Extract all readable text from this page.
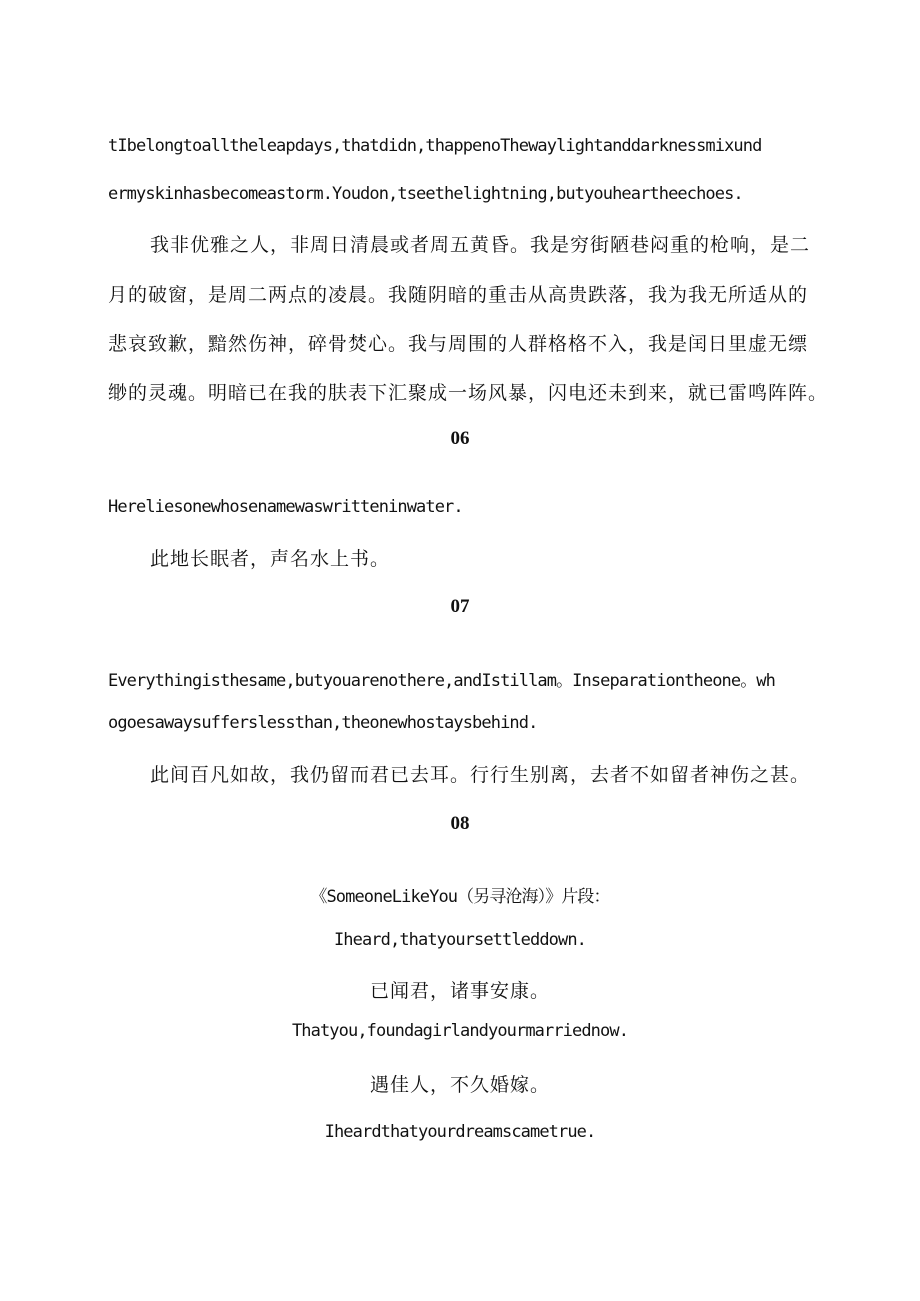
tIbelongtoalltheleapdays,thatdidn,thappenoThewaylightanddarknessmixund
ermyskinhasbecomeastorm.Youdon,tseethelightning,butyouheartheechoes.
我非优雅之人，非周日清晨或者周五黄昏。我是穷街陋巷闷重的枪响，是二
月的破窗，是周二两点的凌晨。我随阴暗的重击从高贵跌落，我为我无所适从的
悲哀致歉，黯然伤神，碎骨焚心。我与周围的人群格格不入，我是闰日里虚无缥
缈的灵魂。明暗已在我的肤表下汇聚成一场风暴，闪电还未到来，就已雷鸣阵阵。
06
Hereliesonewhosenamewaswritteninwater.
此地长眠者，声名水上书。
07
Everythingisthesame,butyouarenothere,andIstillam。Inseparationtheone。wh
ogoesawaysufferslessthan,theonewhostaysbehind.
此间百凡如故，我仍留而君已去耳。行行生别离，去者不如留者神伤之甚。
08
《SomeoneLikeYou（另寻沧海）》片段：
Iheard,thatyoursettleddown.
已闻君，诸事安康。
Thatyou,foundagirlandyourmarriednow.
遇佳人，不久婚嫁。
Iheardthatyourdreamscametrue.
